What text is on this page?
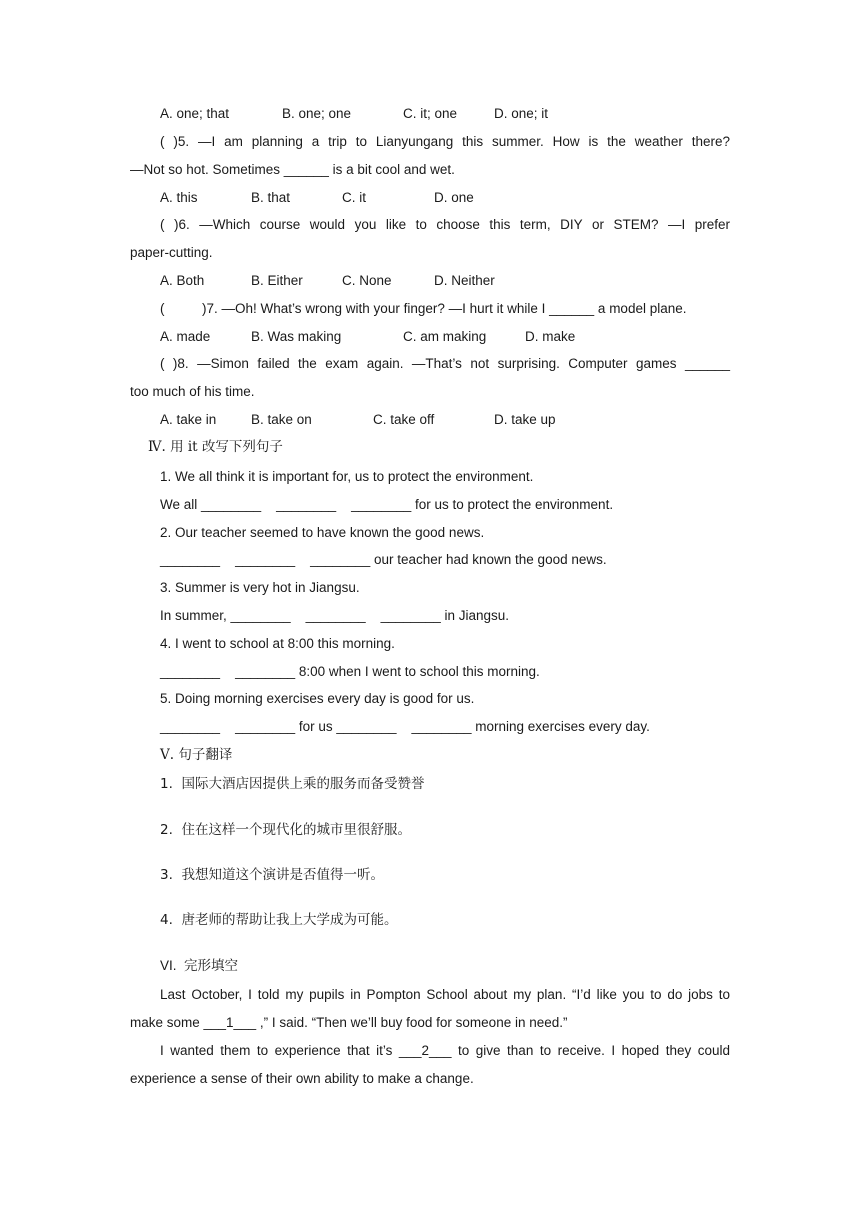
A. one; that	B. one; one	C. it; one	D. one; it
( )5. —I am planning a trip to Lianyungang this summer. How is the weather there?
—Not so hot. Sometimes ______ is a bit cool and wet.
A. this	B. that	C. it	D. one
( )6. —Which course would you like to choose this term, DIY or STEM? —I prefer
paper-cutting.
A. Both	B. Either	C. None	D. Neither
(          )7. —Oh! What’s wrong with your finger? —I hurt it while I ______ a model plane.
A. made	B. Was making	C. am making	D. make
( )8. —Simon failed the exam again. —That’s not surprising. Computer games ______
too much of his time.
A. take in	B. take on	C. take off	D. take up
Ⅳ. 用 it 改写下列句子
1. We all think it is important for, us to protect the environment.
We all ________    ________    ________ for us to protect the environment.
2. Our teacher seemed to have known the good news.
________    ________    ________ our teacher had known the good news.
3. Summer is very hot in Jiangsu.
In summer, ________    ________    ________ in Jiangsu.
4. I went to school at 8:00 this morning.
________    ________ 8:00 when I went to school this morning.
5. Doing morning exercises every day is good for us.
________    ________ for us ________    ________ morning exercises every day.
Ⅴ. 句子翻译
1.  国际大酒店因提供上乘的服务而备受赞誉
2.  住在这样一个现代化的城市里很舒服。
3.  我想知道这个演讲是否值得一听。
4.  唐老师的帮助让我上大学成为可能。
VI.  完形填空
Last October, I told my pupils in Pompton School about my plan. “I’d like you to do jobs to
make some ___1___ ,” I said. “Then we’ll buy food for someone in need.”
I wanted them to experience that it’s ___2___ to give than to receive. I hoped they could
experience a sense of their own ability to make a change.
